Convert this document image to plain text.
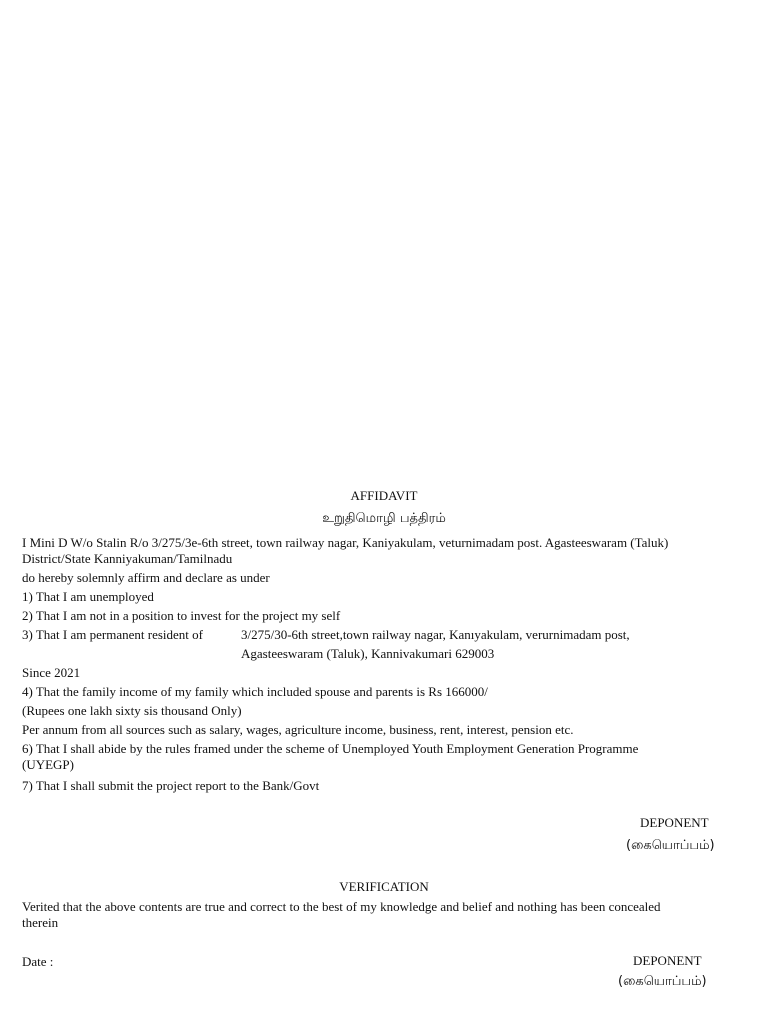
AFFIDAVIT
உறுதிமொழி பத்திரம்
I Mini D W/o Stalin R/o 3/275/3e-6th street, town railway nagar, Kaniyakulam, veturnimadam post. Agasteeswaram (Taluk)
District/State Kanniyakuman/Tamilnadu
do hereby solemnly affirm and declare as under
1) That I am unemployed
2) That I am not in a position to invest for the project my self
3) That I am permanent resident of	3/275/30-6th street,town railway nagar, Kanıyakulam, verurnimadam post,
Agasteeswaram (Taluk), Kannivakumari 629003
Since 2021
4) That the family income of my family which included spouse and parents is Rs 166000/
(Rupees one lakh sixty sis thousand Only)
Per annum from all sources such as salary, wages, agriculture income, business, rent, interest, pension etc.
6) That I shall abide by the rules framed under the scheme of Unemployed Youth Employment Generation Programme
(UYEGP)
7) That I shall submit the project report to the Bank/Govt
DEPONENT
(கையொப்பம்)
VERIFICATION
Verited that the above contents are true and correct to the best of my knowledge and belief and nothing has been concealed
therein
Date :	DEPONENT
(கையொப்பம்)
